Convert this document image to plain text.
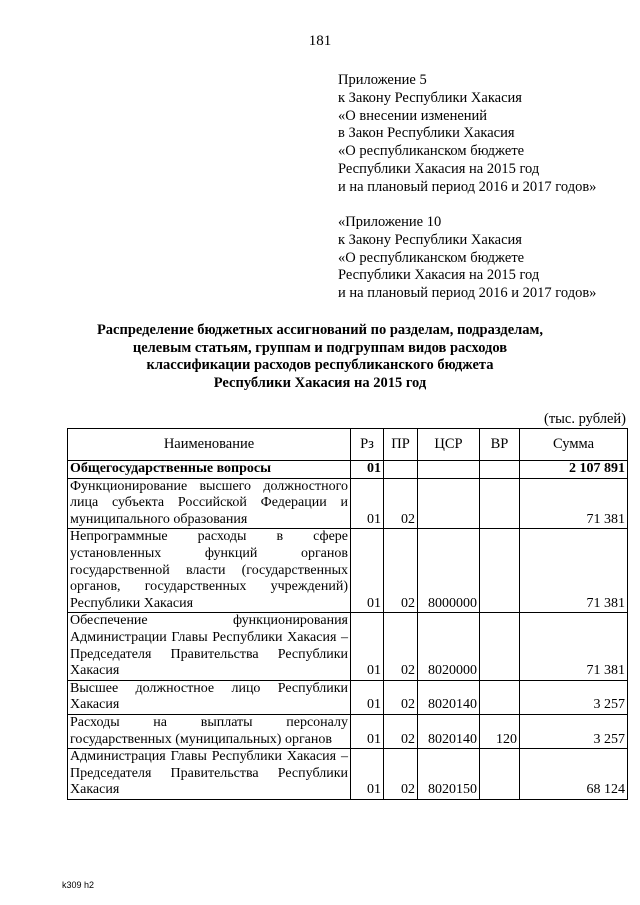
181
Приложение 5
к Закону Республики Хакасия
«О внесении изменений
в Закон Республики Хакасия
«О республиканском бюджете
Республики Хакасия на 2015 год
и на плановый период 2016 и 2017 годов»
«Приложение 10
к Закону Республики Хакасия
«О республиканском бюджете
Республики Хакасия на 2015 год
и на плановый период 2016 и 2017 годов»
Распределение бюджетных ассигнований по разделам, подразделам,
целевым статьям, группам и подгруппам видов расходов
классификации расходов республиканского бюджета
Республики Хакасия на 2015 год
(тыс. рублей)
Наименование	Рз	ПР	ЦСР	ВР	Сумма
Общегосударственные вопросы	01				2 107 891
Функционирование высшего должностного лица субъекта Российской Федерации и муниципального образования	01	02			71 381
Непрограммные расходы в сфере установленных функций органов государственной власти (государственных органов, государственных учреждений) Республики Хакасия	01	02	8000000		71 381
Обеспечение функционирования Администрации Главы Республики Хакасия – Председателя Правительства Республики Хакасия	01	02	8020000		71 381
Высшее должностное лицо Республики Хакасия	01	02	8020140		3 257
Расходы на выплаты персоналу государственных (муниципальных) органов	01	02	8020140	120	3 257
Администрация Главы Республики Хакасия – Председателя Правительства Республики Хакасия	01	02	8020150		68 124
k309 h2
